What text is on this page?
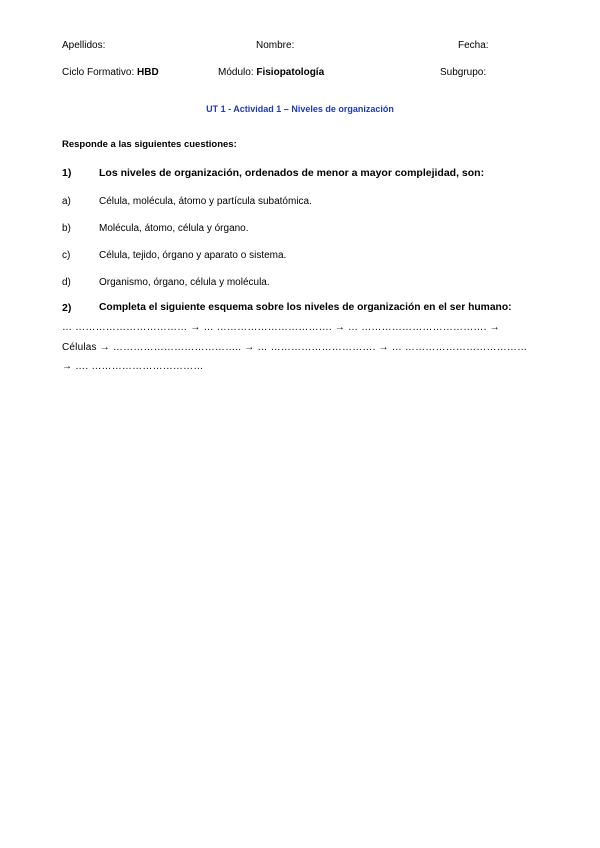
Apellidos:	Nombre:	Fecha:
Ciclo Formativo: HBD	Módulo: Fisiopatología	Subgrupo:
UT 1 - Actividad 1 – Niveles de organización
Responde a las siguientes cuestiones:
1)	Los niveles de organización, ordenados de menor a mayor complejidad, son:
a)	Célula, molécula, átomo y partícula subatómica.
b)	Molécula, átomo, célula y órgano.
c)	Célula, tejido, órgano y aparato o sistema.
d)	Organismo, órgano, célula y molécula.
2)	Completa el siguiente esquema sobre los niveles de organización en el ser humano:
… …………………………… → … ……………………………. → … ………………………………. →
Células → ……………………………….. → … …………………………. → … ………………………………
→ …. ……………………………
